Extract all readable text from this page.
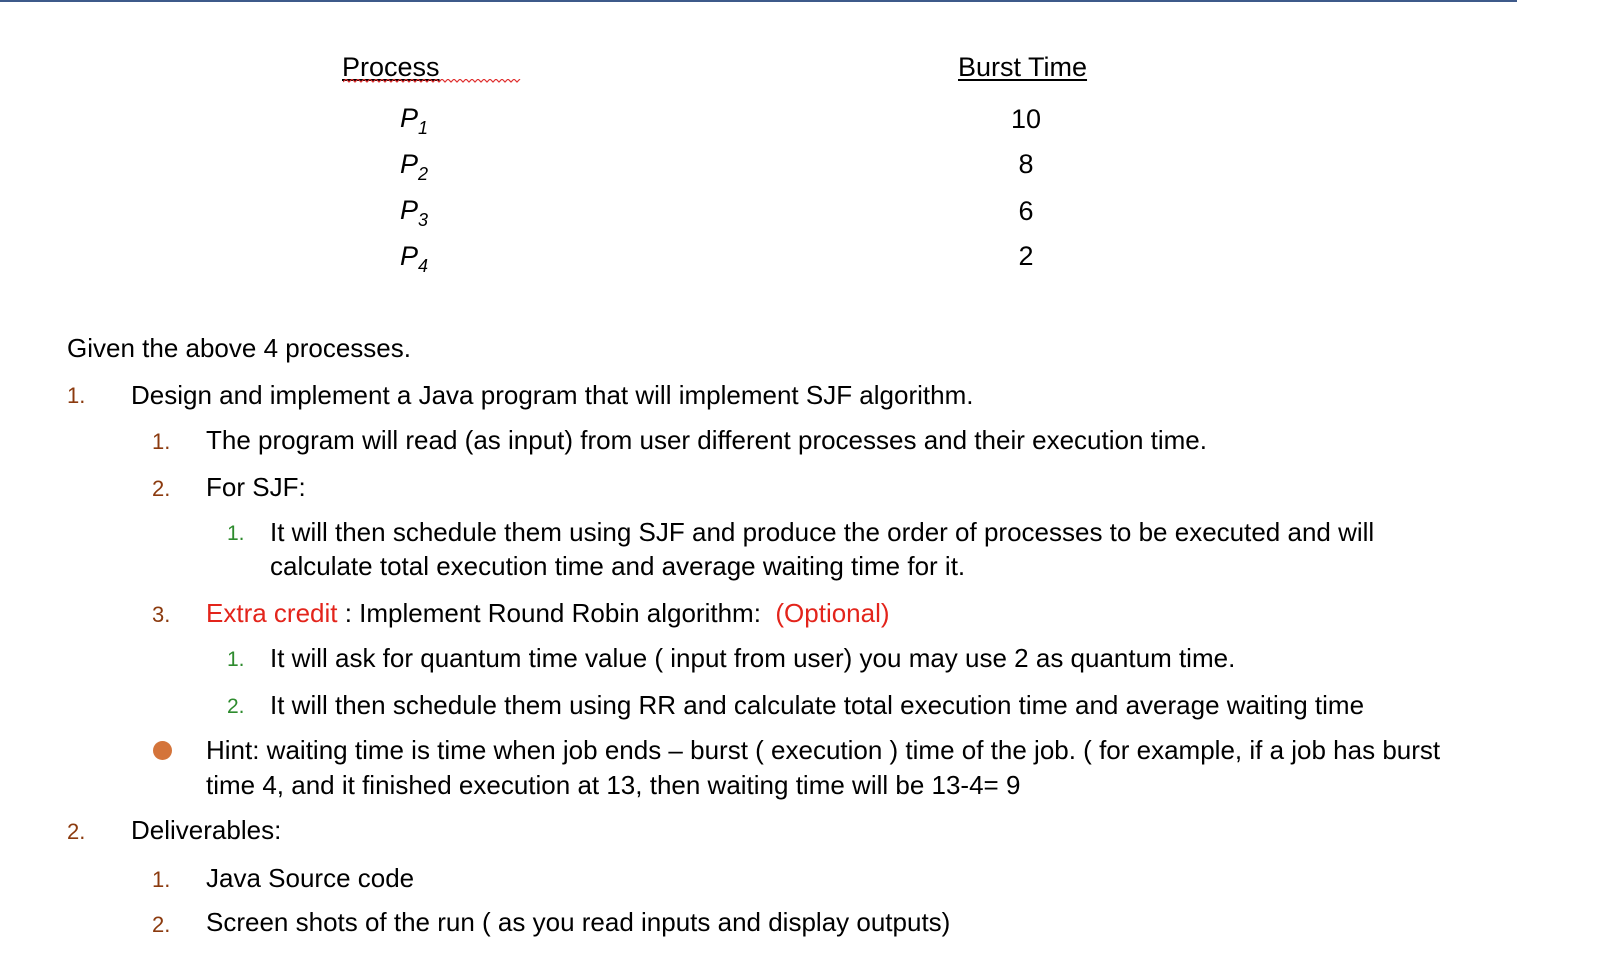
Process	Burst Time
$P_1$
$P_2$
$P_3$
$P_4$
10
8
6
2
Given the above 4 processes.
1. Design and implement a Java program that will implement SJF algorithm.
1. The program will read (as input) from user different processes and their execution time.
2. For SJF:
1. It will then schedule them using SJF and produce the order of processes to be executed and will
calculate total execution time and average waiting time for it.
3. Extra credit : Implement Round Robin algorithm:  (Optional)
1. It will ask for quantum time value ( input from user) you may use 2 as quantum time.
2. It will then schedule them using RR and calculate total execution time and average waiting time
Hint: waiting time is time when job ends – burst ( execution ) time of the job. ( for example, if a job has burst
time 4, and it finished execution at 13, then waiting time will be 13-4= 9
2. Deliverables:
1. Java Source code
2. Screen shots of the run ( as you read inputs and display outputs)
